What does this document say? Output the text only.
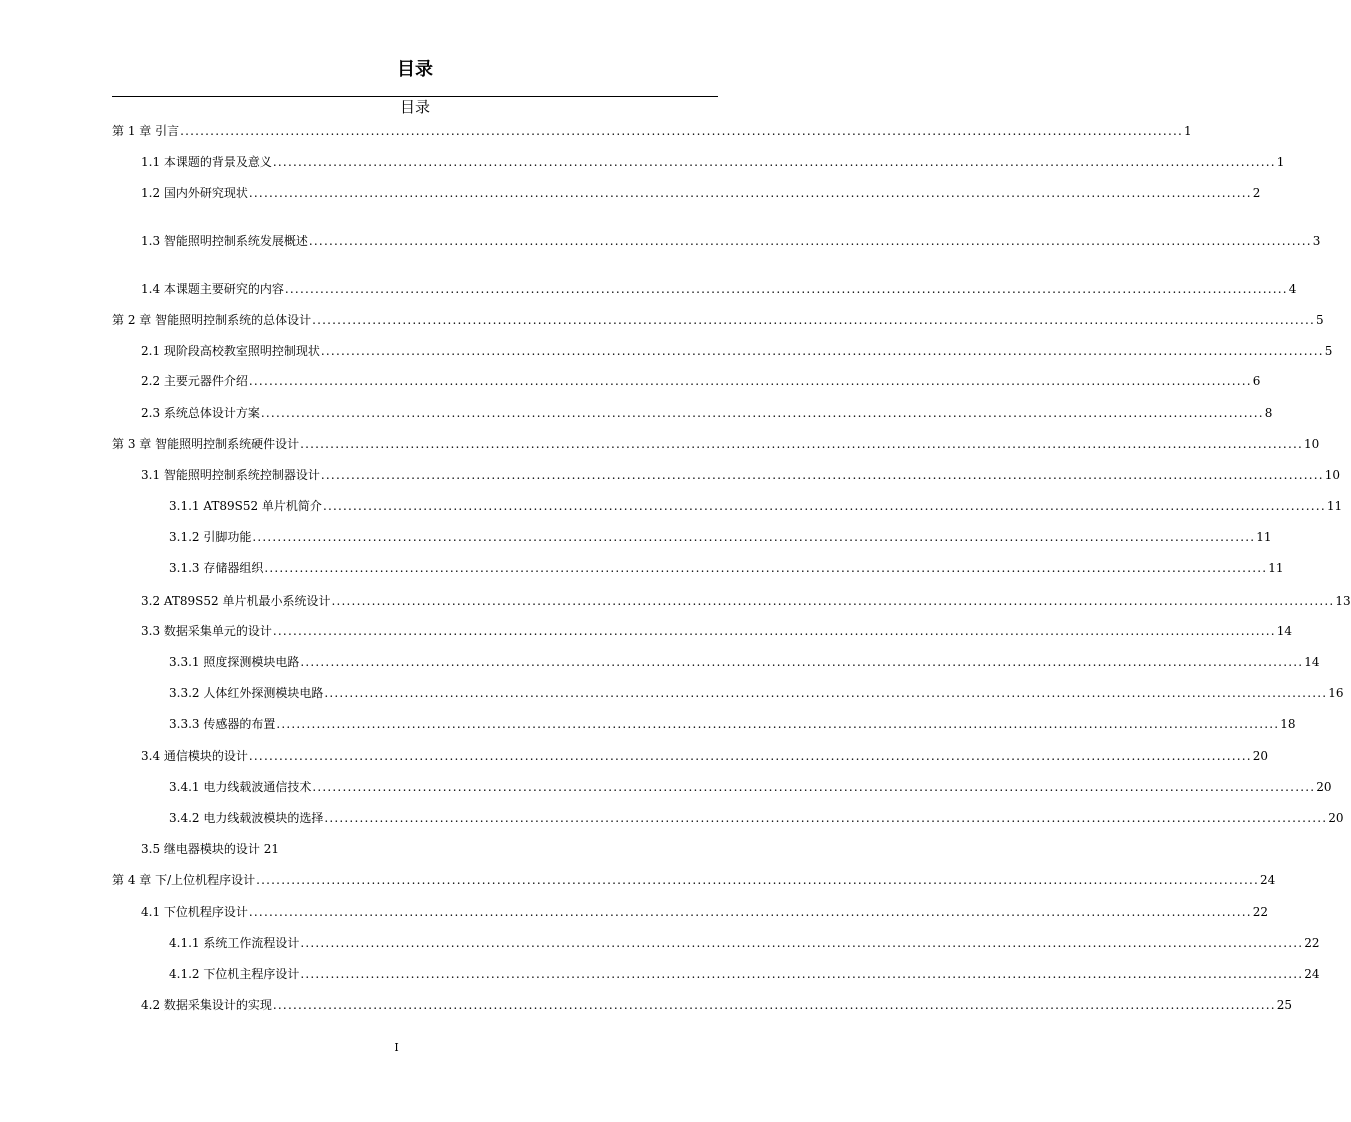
目录
目录
第 1 章 引言 ........................................................................................................................................................................................................ 1
1.1 本课题的背景及意义 ........................................................................................................................................................................................................ 1
1.2 国内外研究现状 ........................................................................................................................................................................................................ 2
1.3 智能照明控制系统发展概述 ........................................................................................................................................................................................................ 3
1.4 本课题主要研究的内容 ........................................................................................................................................................................................................ 4
第 2 章 智能照明控制系统的总体设计 ........................................................................................................................................................................................................ 5
2.1 现阶段高校教室照明控制现状 ........................................................................................................................................................................................................ 5
2.2 主要元器件介绍 ........................................................................................................................................................................................................ 6
2.3 系统总体设计方案 ........................................................................................................................................................................................................ 8
第 3 章 智能照明控制系统硬件设计 ........................................................................................................................................................................................................ 10
3.1 智能照明控制系统控制器设计 ........................................................................................................................................................................................................ 10
3.1.1 AT89S52 单片机简介 ........................................................................................................................................................................................................ 11
3.1.2 引脚功能 ........................................................................................................................................................................................................ 11
3.1.3 存储器组织 ........................................................................................................................................................................................................ 11
3.2 AT89S52 单片机最小系统设计 ........................................................................................................................................................................................................ 13
3.3 数据采集单元的设计 ........................................................................................................................................................................................................ 14
3.3.1 照度探测模块电路 ........................................................................................................................................................................................................ 14
3.3.2 人体红外探测模块电路 ........................................................................................................................................................................................................ 16
3.3.3 传感器的布置 ........................................................................................................................................................................................................ 18
3.4 通信模块的设计 ........................................................................................................................................................................................................ 20
3.4.1 电力线载波通信技术 ........................................................................................................................................................................................................ 20
3.4.2 电力线载波模块的选择 ........................................................................................................................................................................................................ 20
3.5 继电器模块的设计 21
第 4 章 下/上位机程序设计 ........................................................................................................................................................................................................ 24
4.1 下位机程序设计 ........................................................................................................................................................................................................ 22
4.1.1 系统工作流程设计 ........................................................................................................................................................................................................ 22
4.1.2 下位机主程序设计 ........................................................................................................................................................................................................ 24
4.2 数据采集设计的实现 ........................................................................................................................................................................................................ 25
I
